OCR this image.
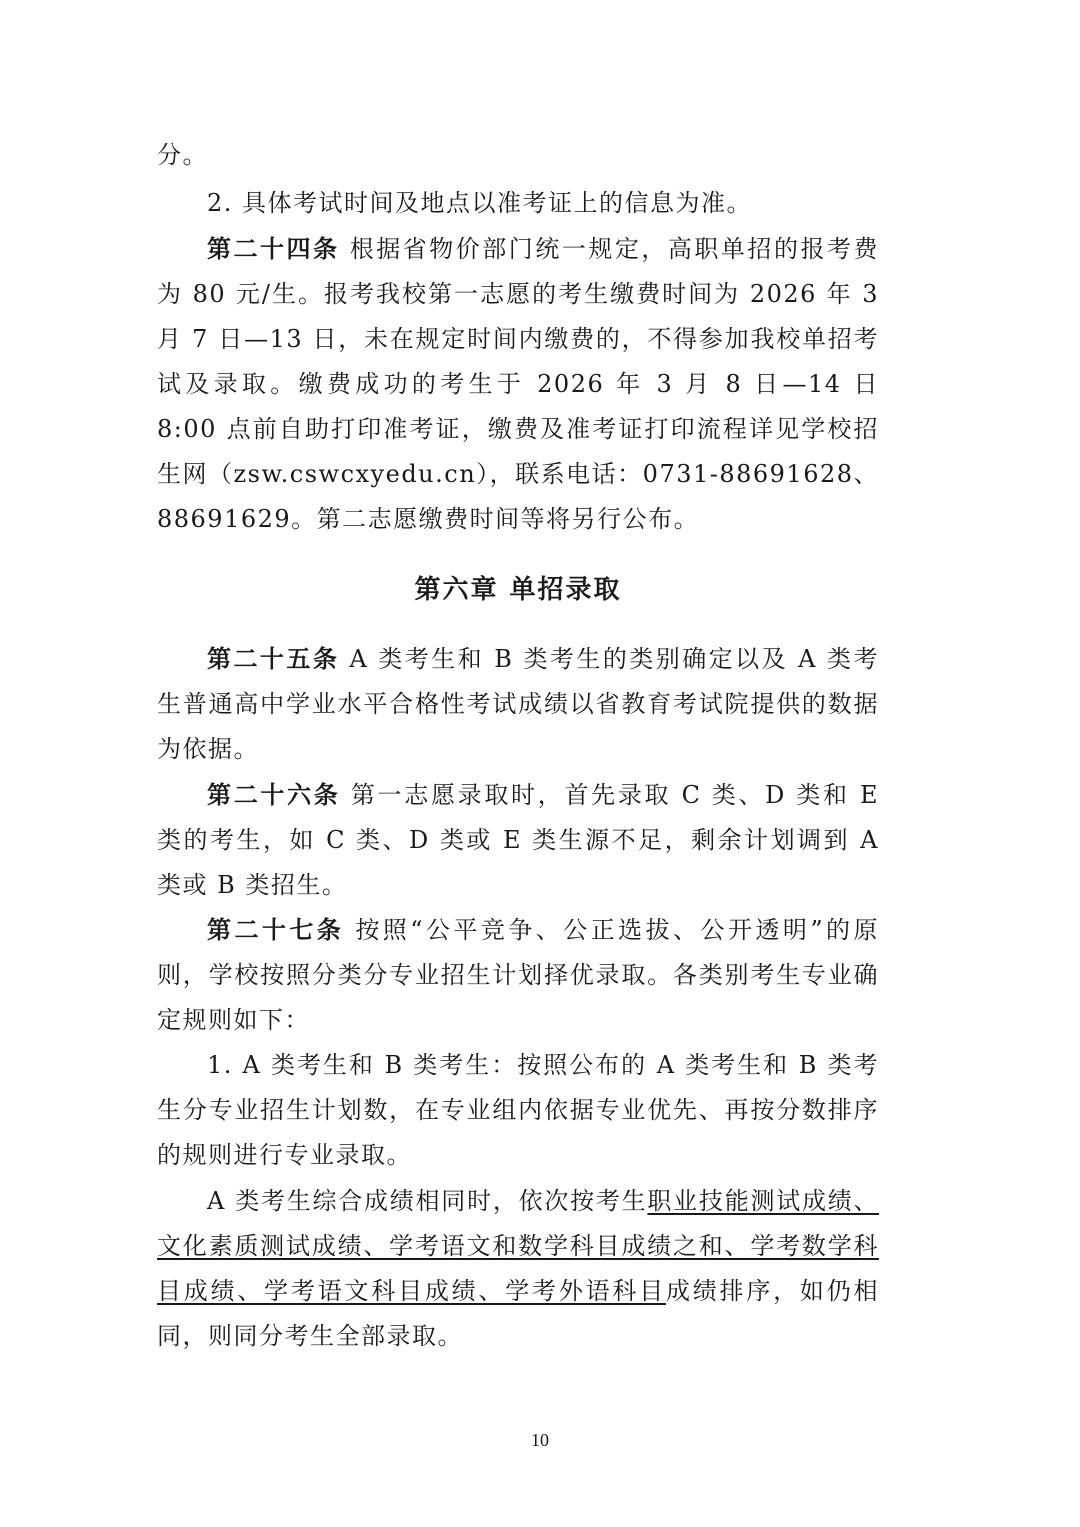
分。

2. 具体考试时间及地点以准考证上的信息为准。

第二十四条 根据省物价部门统一规定，高职单招的报考费为 80 元/生。报考我校第一志愿的考生缴费时间为 2026 年 3 月 7 日—13 日，未在规定时间内缴费的，不得参加我校单招考试及录取。缴费成功的考生于 2026 年 3 月 8 日—14 日 8:00 点前自助打印准考证，缴费及准考证打印流程详见学校招生网（zsw.cswcxyedu.cn），联系电话：0731-88691628、88691629。第二志愿缴费时间等将另行公布。

第六章 单招录取

第二十五条 A 类考生和 B 类考生的类别确定以及 A 类考生普通高中学业水平合格性考试成绩以省教育考试院提供的数据为依据。

第二十六条 第一志愿录取时，首先录取 C 类、D 类和 E 类的考生，如 C 类、D 类或 E 类生源不足，剩余计划调到 A 类或 B 类招生。

第二十七条 按照“公平竞争、公正选拔、公开透明”的原则，学校按照分类分专业招生计划择优录取。各类别考生专业确定规则如下：

1. A 类考生和 B 类考生：按照公布的 A 类考生和 B 类考生分专业招生计划数，在专业组内依据专业优先、再按分数排序的规则进行专业录取。

A 类考生综合成绩相同时，依次按考生职业技能测试成绩、文化素质测试成绩、学考语文和数学科目成绩之和、学考数学科目成绩、学考语文科目成绩、学考外语科目成绩排序，如仍相同，则同分考生全部录取。

10
